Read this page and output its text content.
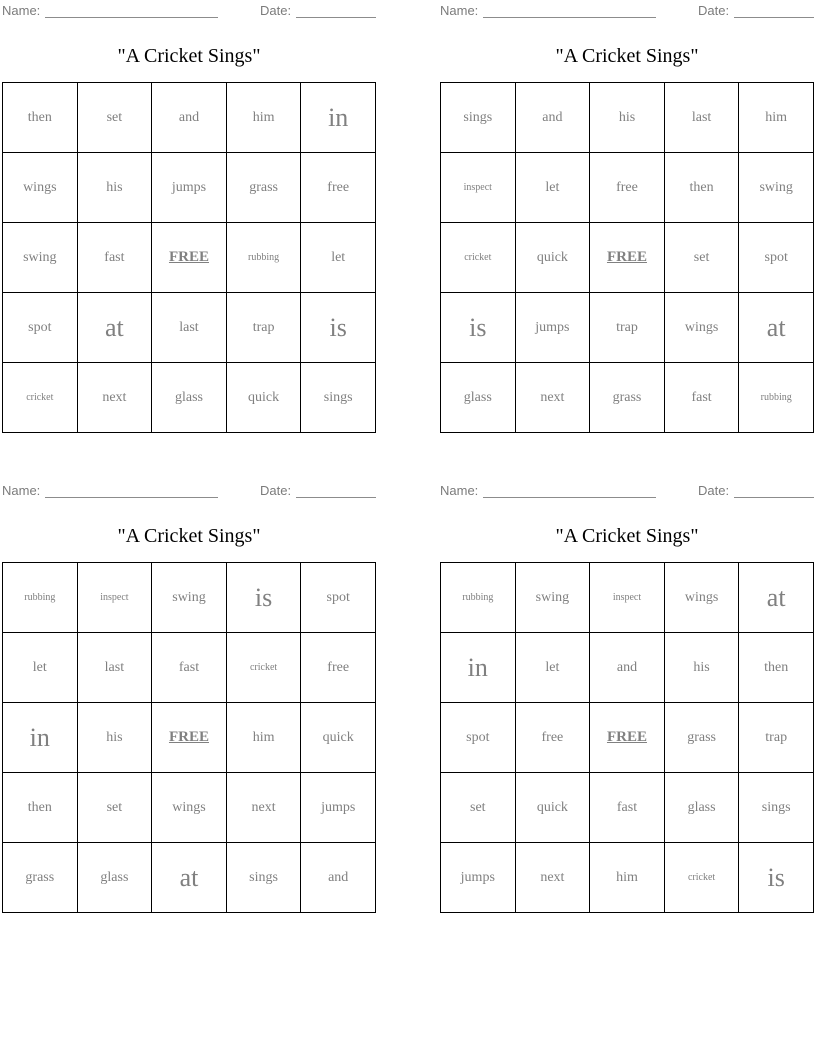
Name:	Date:
"A Cricket Sings"
then	set	and	him	in
wings	his	jumps	grass	free
swing	fast	FREE	rubbing	let
spot	at	last	trap	is
cricket	next	glass	quick	sings
Name:	Date:
"A Cricket Sings"
sings	and	his	last	him
inspect	let	free	then	swing
cricket	quick	FREE	set	spot
is	jumps	trap	wings	at
glass	next	grass	fast	rubbing
Name:	Date:
"A Cricket Sings"
rubbing	inspect	swing	is	spot
let	last	fast	cricket	free
in	his	FREE	him	quick
then	set	wings	next	jumps
grass	glass	at	sings	and
Name:	Date:
"A Cricket Sings"
rubbing	swing	inspect	wings	at
in	let	and	his	then
spot	free	FREE	grass	trap
set	quick	fast	glass	sings
jumps	next	him	cricket	is
